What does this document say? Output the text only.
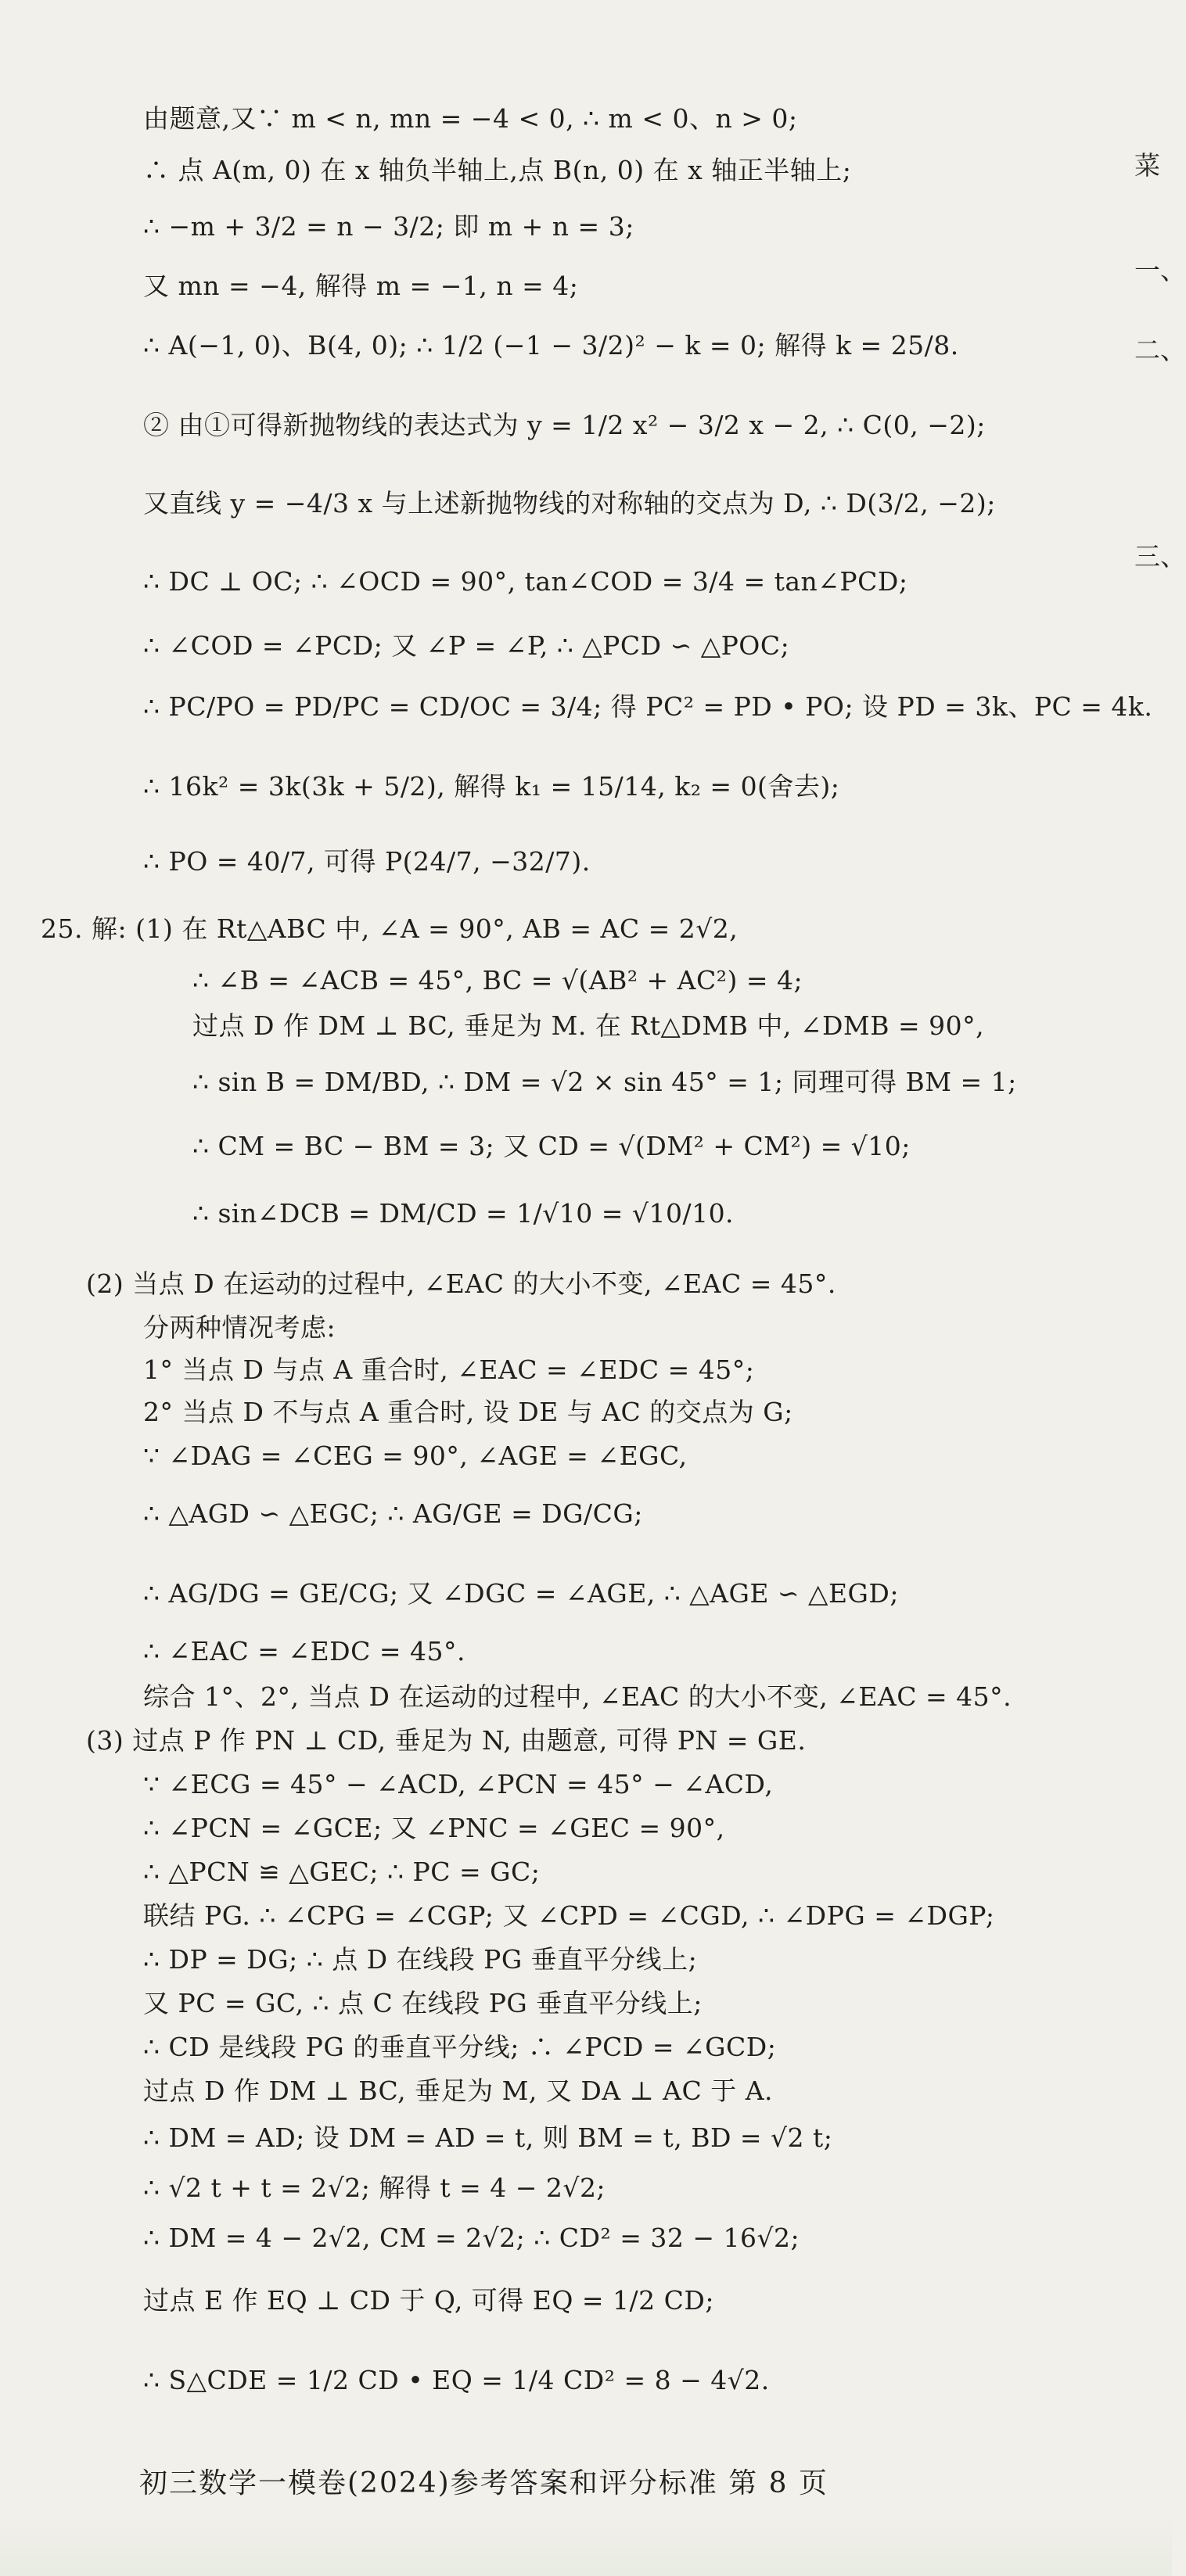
由题意,又∵ m < n, mn = −4 < 0, ∴ m < 0、n > 0;
∴ 点 A(m, 0) 在 x 轴负半轴上,点 B(n, 0) 在 x 轴正半轴上;
∴ −m + 3/2 = n − 3/2; 即 m + n = 3;
又 mn = −4, 解得 m = −1, n = 4;
∴ A(−1, 0)、B(4, 0); ∴ 1/2 (−1 − 3/2)² − k = 0; 解得 k = 25/8.
② 由①可得新抛物线的表达式为 y = 1/2 x² − 3/2 x − 2, ∴ C(0, −2);
又直线 y = −4/3 x 与上述新抛物线的对称轴的交点为 D, ∴ D(3/2, −2);
∴ DC ⊥ OC; ∴ ∠OCD = 90°, tan∠COD = 3/4 = tan∠PCD;
∴ ∠COD = ∠PCD; 又 ∠P = ∠P, ∴ △PCD ∽ △POC;
∴ PC/PO = PD/PC = CD/OC = 3/4; 得 PC² = PD • PO; 设 PD = 3k、PC = 4k.
∴ 16k² = 3k(3k + 5/2), 解得 k₁ = 15/14, k₂ = 0(舍去);
∴ PO = 40/7, 可得 P(24/7, −32/7).
25. 解: (1) 在 Rt△ABC 中, ∠A = 90°, AB = AC = 2√2,
∴ ∠B = ∠ACB = 45°, BC = √(AB² + AC²) = 4;
过点 D 作 DM ⊥ BC, 垂足为 M. 在 Rt△DMB 中, ∠DMB = 90°,
∴ sin B = DM/BD, ∴ DM = √2 × sin 45° = 1; 同理可得 BM = 1;
∴ CM = BC − BM = 3; 又 CD = √(DM² + CM²) = √10;
∴ sin∠DCB = DM/CD = 1/√10 = √10/10.
(2) 当点 D 在运动的过程中, ∠EAC 的大小不变, ∠EAC = 45°.
分两种情况考虑:
1° 当点 D 与点 A 重合时, ∠EAC = ∠EDC = 45°;
2° 当点 D 不与点 A 重合时, 设 DE 与 AC 的交点为 G;
∵ ∠DAG = ∠CEG = 90°, ∠AGE = ∠EGC,
∴ △AGD ∽ △EGC; ∴ AG/GE = DG/CG;
∴ AG/DG = GE/CG; 又 ∠DGC = ∠AGE, ∴ △AGE ∽ △EGD;
∴ ∠EAC = ∠EDC = 45°.
综合 1°、2°, 当点 D 在运动的过程中, ∠EAC 的大小不变, ∠EAC = 45°.
(3) 过点 P 作 PN ⊥ CD, 垂足为 N, 由题意, 可得 PN = GE.
∵ ∠ECG = 45° − ∠ACD, ∠PCN = 45° − ∠ACD,
∴ ∠PCN = ∠GCE; 又 ∠PNC = ∠GEC = 90°,
∴ △PCN ≌ △GEC; ∴ PC = GC;
联结 PG. ∴ ∠CPG = ∠CGP; 又 ∠CPD = ∠CGD, ∴ ∠DPG = ∠DGP;
∴ DP = DG; ∴ 点 D 在线段 PG 垂直平分线上;
又 PC = GC, ∴ 点 C 在线段 PG 垂直平分线上;
∴ CD 是线段 PG 的垂直平分线; ∴ ∠PCD = ∠GCD;
过点 D 作 DM ⊥ BC, 垂足为 M, 又 DA ⊥ AC 于 A.
∴ DM = AD; 设 DM = AD = t, 则 BM = t, BD = √2 t;
∴ √2 t + t = 2√2; 解得 t = 4 − 2√2;
∴ DM = 4 − 2√2, CM = 2√2; ∴ CD² = 32 − 16√2;
过点 E 作 EQ ⊥ CD 于 Q, 可得 EQ = 1/2 CD;
∴ S△CDE = 1/2 CD • EQ = 1/4 CD² = 8 − 4√2.
菜
一、
二、
三、
初三数学一模卷(2024)参考答案和评分标准 第 8 页
